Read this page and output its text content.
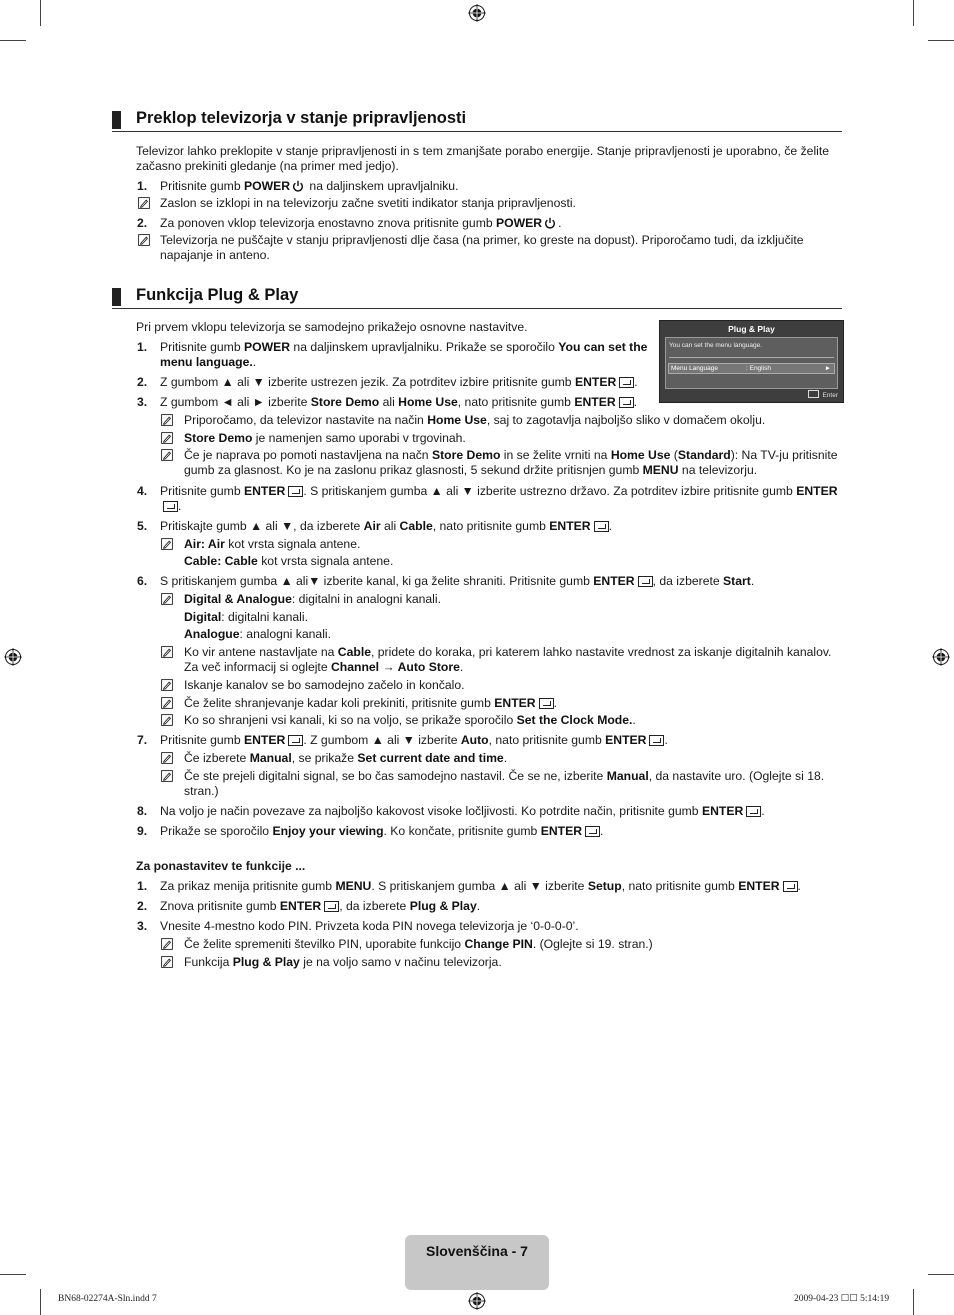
Preklop televizorja v stanje pripravljenosti
Televizor lahko preklopite v stanje pripravljenosti in s tem zmanjšate porabo energije. Stanje pripravljenosti je uporabno, če želite začasno prekiniti gledanje (na primer med jedjo).
1.	Pritisnite gumb POWER na daljinskem upravljalniku.
Zaslon se izklopi in na televizorju začne svetiti indikator stanja pripravljenosti.
2.	Za ponoven vklop televizorja enostavno znova pritisnite gumb POWER .
Televizorja ne puščajte v stanju pripravljenosti dlje časa (na primer, ko greste na dopust). Priporočamo tudi, da izključite napajanje in anteno.
Funkcija Plug & Play
Pri prvem vklopu televizorja se samodejno prikažejo osnovne nastavitve.	Plug & Play
You can set the menu language.
Menu Language	: English	►
Enter
1.	Pritisnite gumb POWER na daljinskem upravljalniku. Prikaže se sporočilo You can set the menu language..
2.	Z gumbom ▲ ali ▼ izberite ustrezen jezik. Za potrditev izbire pritisnite gumb ENTER .
3.	Z gumbom ◄ ali ► izberite Store Demo ali Home Use, nato pritisnite gumb ENTER .
Priporočamo, da televizor nastavite na način Home Use, saj to zagotavlja najboljšo sliko v domačem okolju.
Store Demo je namenjen samo uporabi v trgovinah.
Če je naprava po pomoti nastavljena na načn Store Demo in se želite vrniti na Home Use (Standard): Na TV-ju pritisnite gumb za glasnost. Ko je na zaslonu prikaz glasnosti, 5 sekund držite pritisnjen gumb MENU na televizorju.
4.	Pritisnite gumb ENTER . S pritiskanjem gumba ▲ ali ▼ izberite ustrezno državo. Za potrditev izbire pritisnite gumb ENTER.
5.	Pritiskajte gumb ▲ ali ▼, da izberete Air ali Cable, nato pritisnite gumb ENTER .
Air: Air kot vrsta signala antene.
Cable: Cable kot vrsta signala antene.
6.	S pritiskanjem gumba ▲ ali▼ izberite kanal, ki ga želite shraniti. Pritisnite gumb ENTER , da izberete Start.
Digital & Analogue: digitalni in analogni kanali.
Digital: digitalni kanali.
Analogue: analogni kanali.
Ko vir antene nastavljate na Cable, pridete do koraka, pri katerem lahko nastavite vrednost za iskanje digitalnih kanalov. Za več informacij si oglejte Channel → Auto Store.
Iskanje kanalov se bo samodejno začelo in končalo.
Če želite shranjevanje kadar koli prekiniti, pritisnite gumb ENTER .
Ko so shranjeni vsi kanali, ki so na voljo, se prikaže sporočilo Set the Clock Mode..
7.	Pritisnite gumb ENTER . Z gumbom ▲ ali ▼ izberite Auto, nato pritisnite gumb ENTER .
Če izberete Manual, se prikaže Set current date and time.
Če ste prejeli digitalni signal, se bo čas samodejno nastavil. Če se ne, izberite Manual, da nastavite uro. (Oglejte si 18. stran.)
8.	Na voljo je način povezave za najboljšo kakovost visoke ločljivosti. Ko potrdite način, pritisnite gumb ENTER .
9.	Prikaže se sporočilo Enjoy your viewing. Ko končate, pritisnite gumb ENTER .
Za ponastavitev te funkcije ...
1.	Za prikaz menija pritisnite gumb MENU. S pritiskanjem gumba ▲ ali ▼ izberite Setup, nato pritisnite gumb ENTER .
2.	Znova pritisnite gumb ENTER , da izberete Plug & Play.
3.	Vnesite 4-mestno kodo PIN. Privzeta koda PIN novega televizorja je ‘0-0-0-0’.
Če želite spremeniti številko PIN, uporabite funkcijo Change PIN. (Oglejte si 19. stran.)
Funkcija Plug & Play je na voljo samo v načinu televizorja.
Slovenščina - 7
BN68-02274A-Sln.indd 7	2009-04-23 ☐☐ 5:14:19
